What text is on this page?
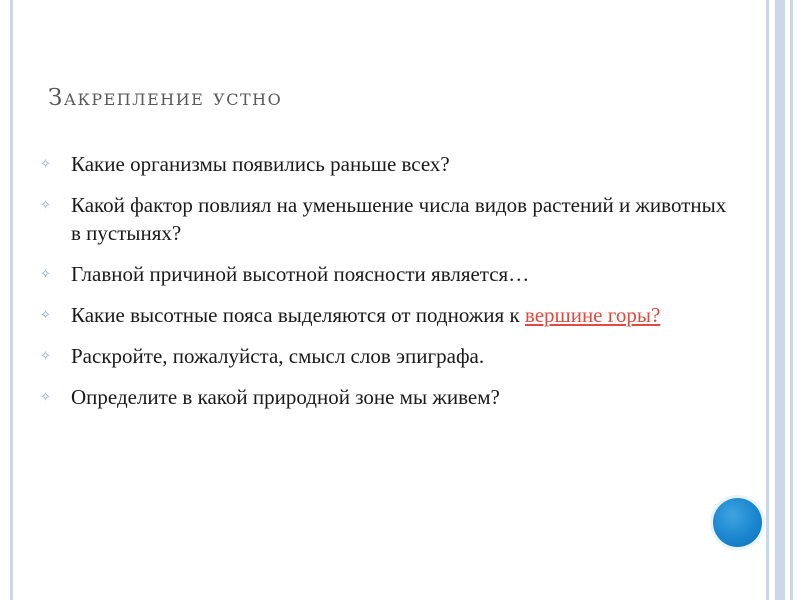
Закрепление устно
✧ Какие организмы появились раньше всех?
✧ Какой фактор повлиял на уменьшение числа видов растений и животных в пустынях?
✧ Главной причиной высотной поясности является…
✧ Какие высотные пояса выделяются от подножия к вершине горы?
✧ Раскройте, пожалуйста, смысл слов эпиграфа.
✧ Определите в какой природной зоне мы живем?
